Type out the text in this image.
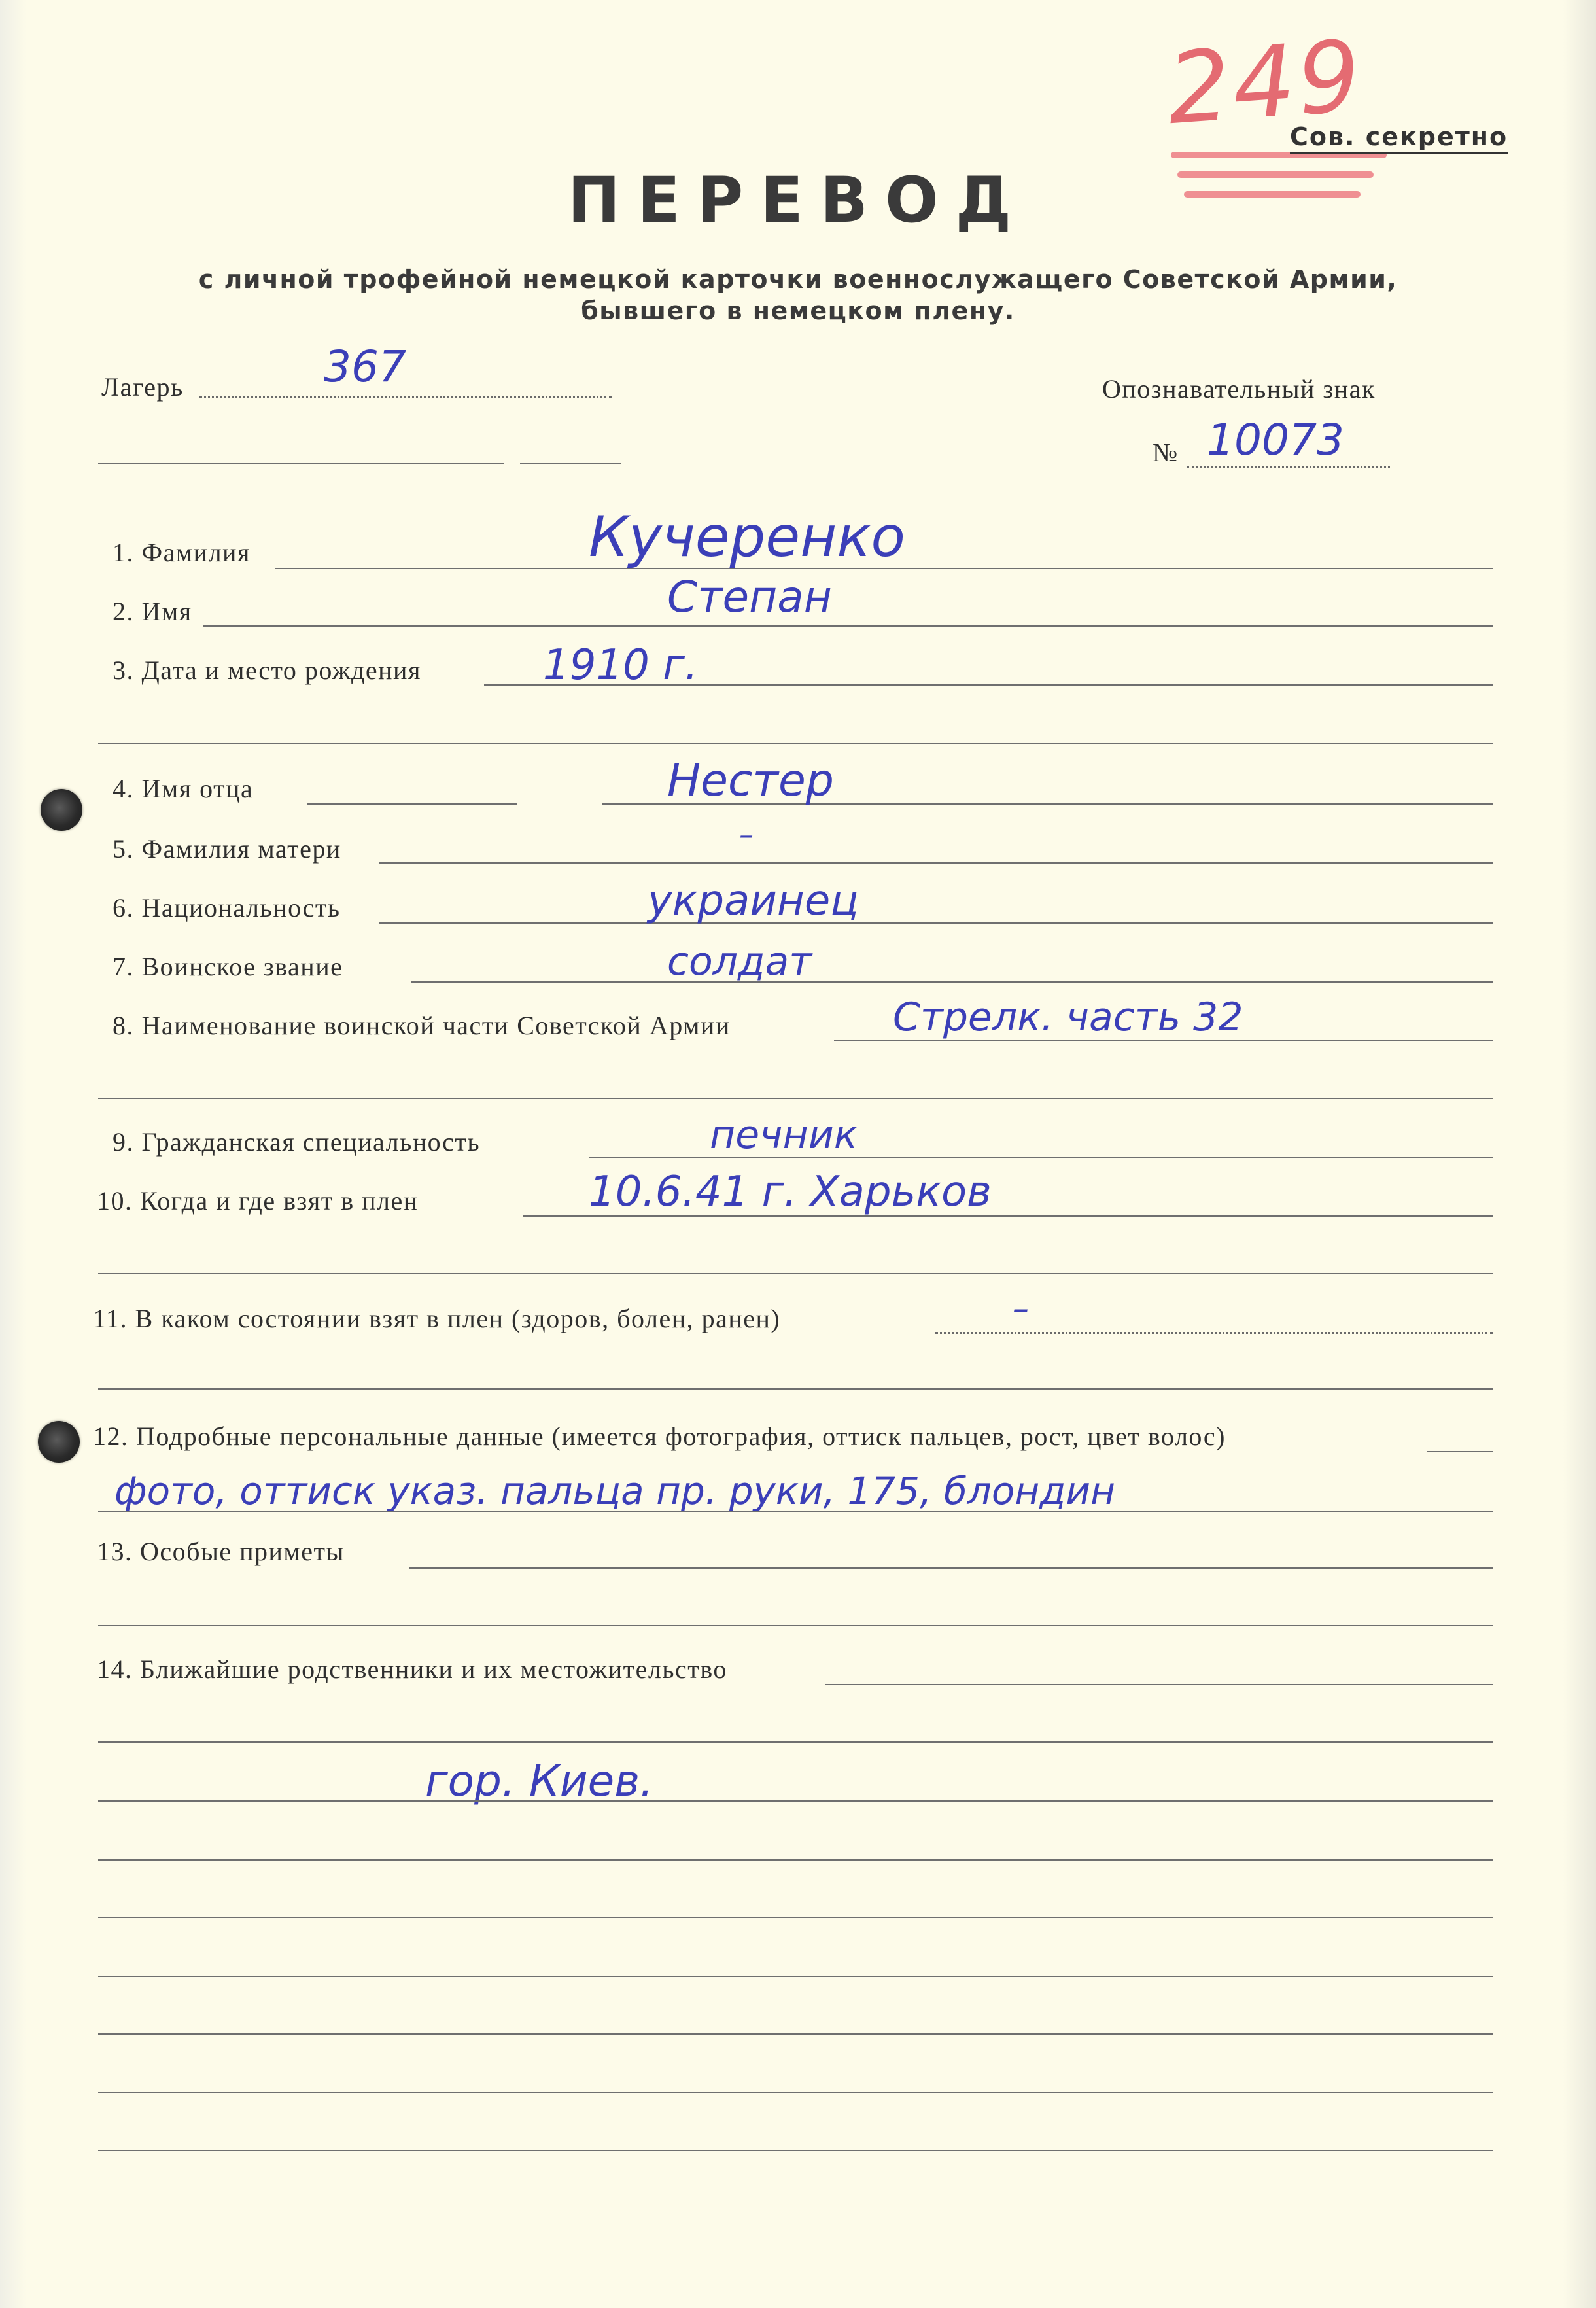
249
Сов. секретно
ПЕРЕВОД
с личной трофейной немецкой карточки военнослужащего Советской Армии,
бывшего в немецком плену.
Лагерь	367	Опознавательный знак
№ 10073
1. Фамилия	Кучеренко
2. Имя	Степан
3. Дата и место рождения	1910 г.
4. Имя отца	Нестер
5. Фамилия матери	–
6. Национальность	украинец
7. Воинское звание	солдат
8. Наименование воинской части Советской Армии	Стрелк. часть 32
9. Гражданская специальность	печник
10. Когда и где взят в плен	10.6.41 г. Харьков
11. В каком состоянии взят в плен (здоров, болен, ранен)	–
12. Подробные персональные данные (имеется фотография, оттиск пальцев, рост, цвет волос)
фото, оттиск указ. пальца пр. руки, 175, блондин
13. Особые приметы
14. Ближайшие родственники и их местожительство
гор. Киев.
